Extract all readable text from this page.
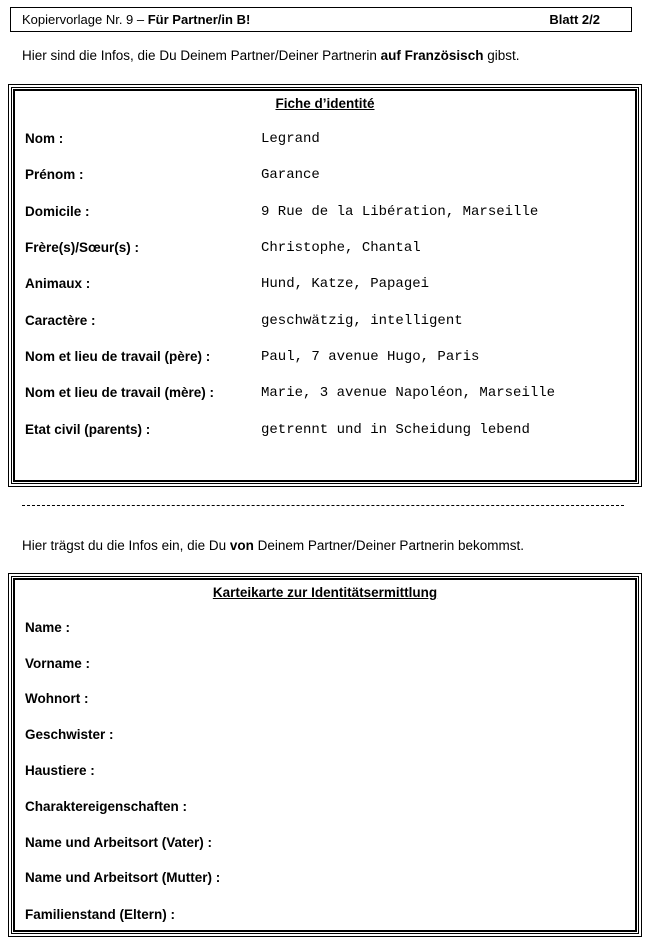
Kopiervorlage Nr. 9 – Für Partner/in B!	Blatt 2/2
Hier sind die Infos, die Du Deinem Partner/Deiner Partnerin auf Französisch gibst.
Fiche d’identité
Nom :	Legrand
Prénom :	Garance
Domicile :	9 Rue de la Libération, Marseille
Frère(s)/Sœur(s) :	Christophe, Chantal
Animaux :	Hund, Katze, Papagei
Caractère :	geschwätzig, intelligent
Nom et lieu de travail (père) :	Paul, 7 avenue Hugo, Paris
Nom et lieu de travail (mère) :	Marie, 3 avenue Napoléon, Marseille
Etat civil (parents) :	getrennt und in Scheidung lebend
Hier trägst du die Infos ein, die Du von Deinem Partner/Deiner Partnerin bekommst.
Karteikarte zur Identitätsermittlung
Name :
Vorname :
Wohnort :
Geschwister :
Haustiere :
Charaktereigenschaften :
Name und Arbeitsort (Vater) :
Name und Arbeitsort (Mutter) :
Familienstand (Eltern) :
